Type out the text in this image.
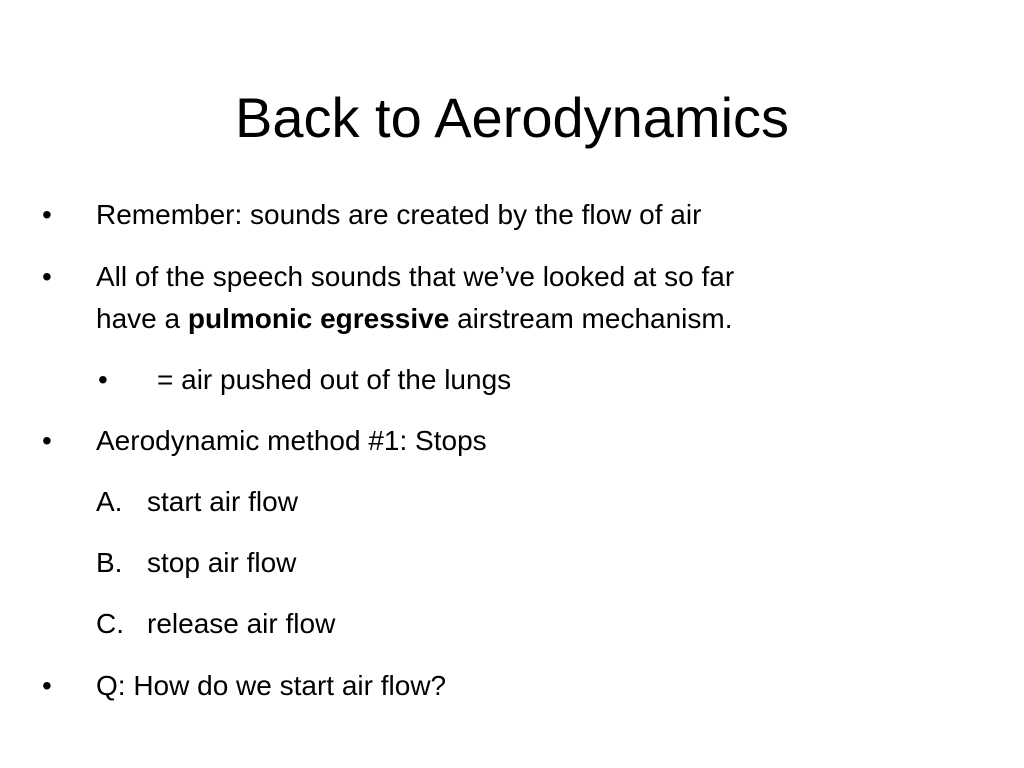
Back to Aerodynamics
• Remember: sounds are created by the flow of air
• All of the speech sounds that we’ve looked at so far
have a pulmonic egressive airstream mechanism.
• = air pushed out of the lungs
• Aerodynamic method #1: Stops
A. start air flow
B. stop air flow
C. release air flow
• Q: How do we start air flow?
